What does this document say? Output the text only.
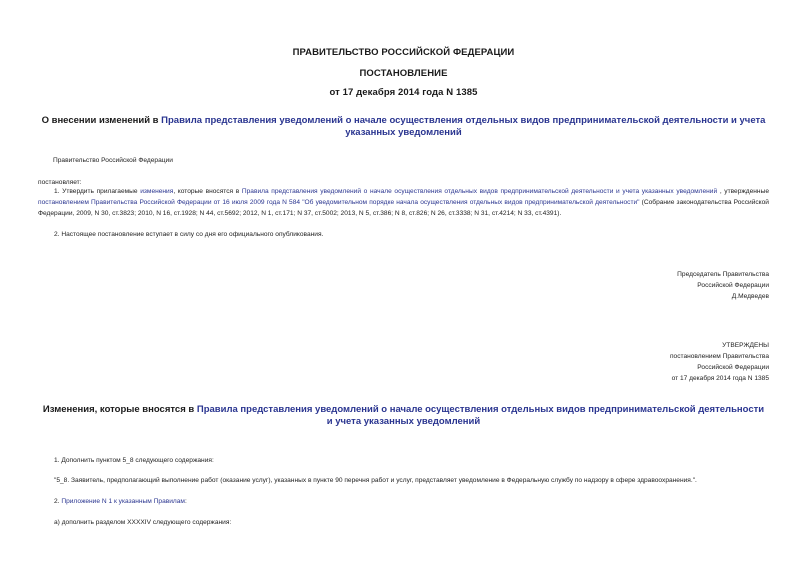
ПРАВИТЕЛЬСТВО РОССИЙСКОЙ ФЕДЕРАЦИИ
ПОСТАНОВЛЕНИЕ
от 17 декабря 2014 года N 1385
О внесении изменений в Правила представления уведомлений о начале осуществления отдельных видов предпринимательской деятельности и учета указанных уведомлений
Правительство Российской Федерации
постановляет:
1. Утвердить прилагаемые изменения, которые вносятся в Правила представления уведомлений о начале осуществления отдельных видов предпринимательской деятельности и учета указанных уведомлений , утвержденные постановлением Правительства Российской Федерации от 16 июля 2009 года N 584 "Об уведомительном порядке начала осуществления отдельных видов предпринимательской деятельности" (Собрание законодательства Российской Федерации, 2009, N 30, ст.3823; 2010, N 16, ст.1928; N 44, ст.5692; 2012, N 1, ст.171; N 37, ст.5002; 2013, N 5, ст.386; N 8, ст.826; N 26, ст.3338; N 31, ст.4214; N 33, ст.4391).
2. Настоящее постановление вступает в силу со дня его официального опубликования.
Председатель Правительства
Российской Федерации
Д.Медведев
УТВЕРЖДЕНЫ
постановлением Правительства
Российской Федерации
от 17 декабря 2014 года N 1385
Изменения, которые вносятся в Правила представления уведомлений о начале осуществления отдельных видов предпринимательской деятельности и учета указанных уведомлений
1. Дополнить пунктом 5_8 следующего содержания:
"5_8. Заявитель, предполагающий выполнение работ (оказание услуг), указанных в пункте 90 перечня работ и услуг, представляет уведомление в Федеральную службу по надзору в сфере здравоохранения.".
2. Приложение N 1 к указанным Правилам:
а) дополнить разделом XXXXIV следующего содержания:
